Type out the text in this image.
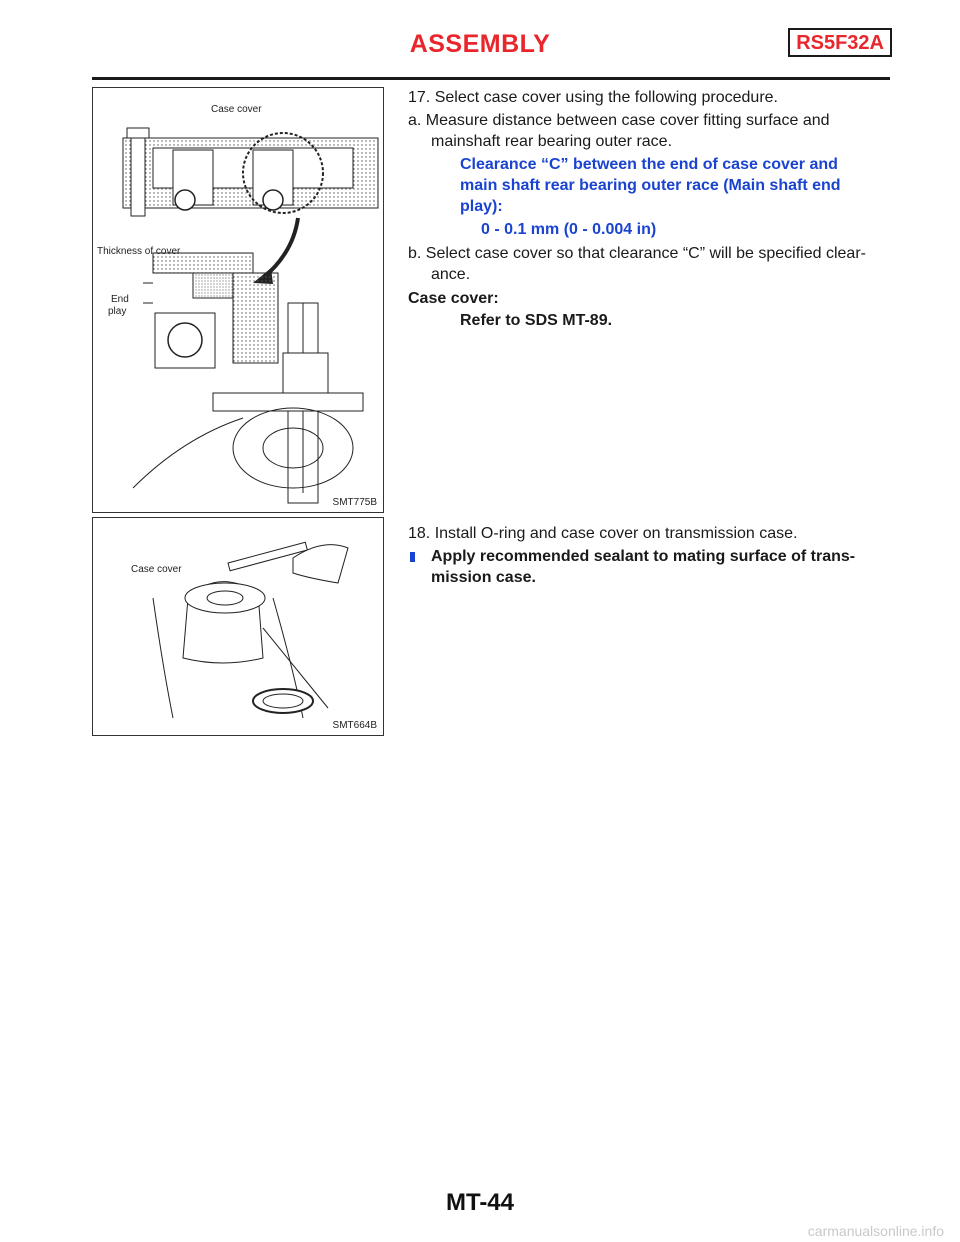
ASSEMBLY	RS5F32A
Case cover
Thickness of cover
End
play
SMT775B
Case cover
SMT664B
17. Select case cover using the following procedure.
a. Measure distance between case cover fitting surface and
mainshaft rear bearing outer race.
Clearance “C” between the end of case cover and
main shaft rear bearing outer race (Main shaft end
play):
0 - 0.1 mm (0 - 0.004 in)
b. Select case cover so that clearance “C” will be specified clear-
ance.
Case cover:
Refer to SDS MT-89.
18. Install O-ring and case cover on transmission case.
Apply recommended sealant to mating surface of trans-
mission case.
MT-44
carmanualsonline.info
